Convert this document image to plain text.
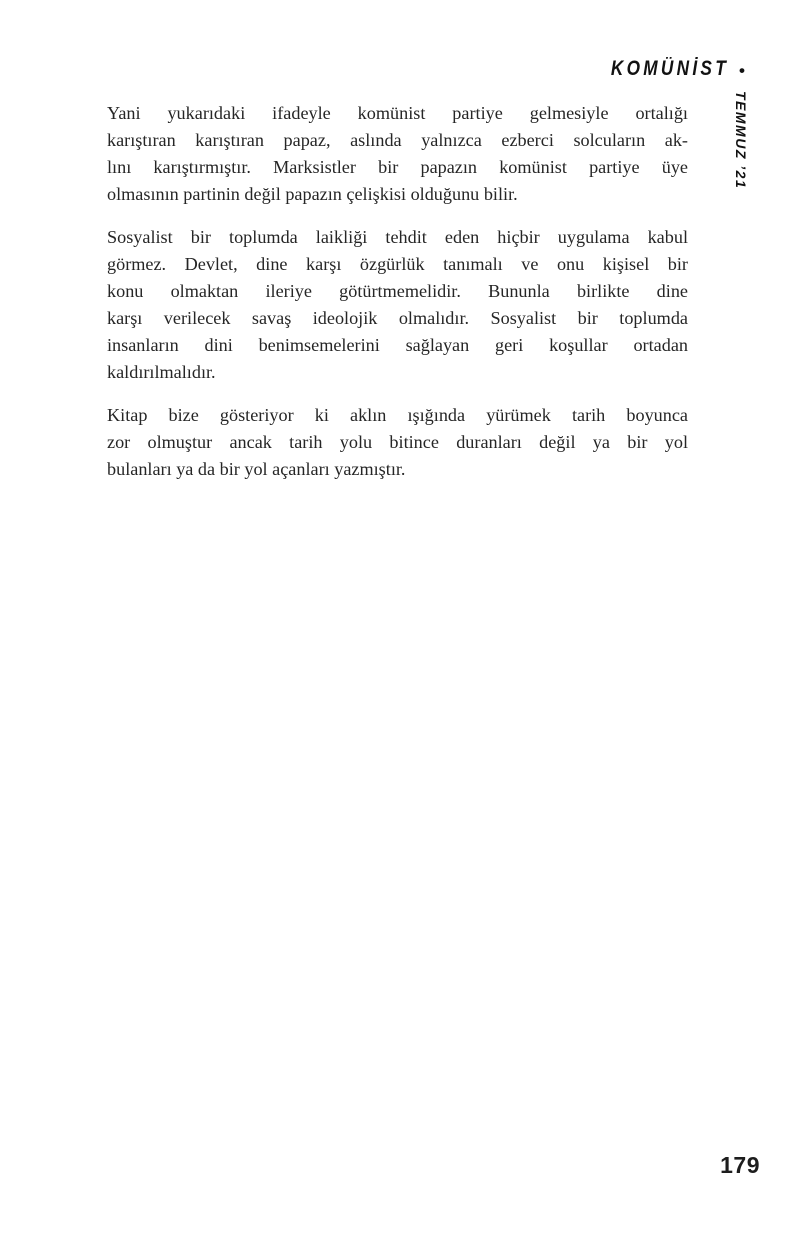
KOMÜNİST •
TEMMUZ ’21
Yani yukarıdaki ifadeyle komünist partiye gelmesiyle ortalığı
karıştıran karıştıran papaz, aslında yalnızca ezberci solcuların ak-
lını karıştırmıştır. Marksistler bir papazın komünist partiye üye
olmasının partinin değil papazın çelişkisi olduğunu bilir.
Sosyalist bir toplumda laikliği tehdit eden hiçbir uygulama kabul
görmez. Devlet, dine karşı özgürlük tanımalı ve onu kişisel bir
konu olmaktan ileriye götürtmemelidir. Bununla birlikte dine
karşı verilecek savaş ideolojik olmalıdır. Sosyalist bir toplumda
insanların dini benimsemelerini sağlayan geri koşullar ortadan
kaldırılmalıdır.
Kitap bize gösteriyor ki aklın ışığında yürümek tarih boyunca
zor olmuştur ancak tarih yolu bitince duranları değil ya bir yol
bulanları ya da bir yol açanları yazmıştır.
179
